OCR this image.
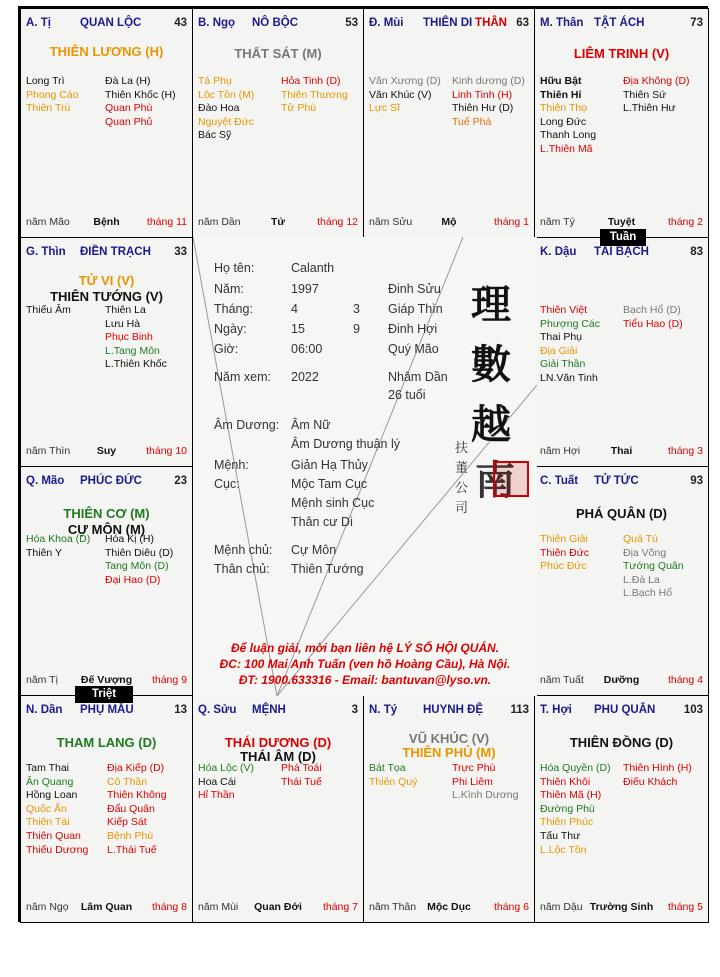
A. Tị	QUAN LỘC	43
THIÊN LƯƠNG (H)
Long Trì
Phong Cáo
Thiên Trù
Đà La (H)
Thiên Khốc (H)
Quan Phù
Quan Phủ
năm Mão	Bệnh	tháng 11
B. Ngọ NÔ BỘC	53
THẤT SÁT (M)
Tả Phụ
Lộc Tồn (M)
Đào Hoa
Nguyệt Đức
Bác Sỹ
Hỏa Tinh (D)
Thiên Thương
Tử Phù
năm Dần	Tử	tháng 12
Đ. Mùi THIÊN DI THÂN 63
Văn Xương (D)
Văn Khúc (V)
Lực Sĩ
Kinh dương (D)
Linh Tinh (H)
Thiên Hư (D)
Tuế Phá
năm Sửu	Mộ	tháng 1
M. Thân TẬT ÁCH	73
LIÊM TRINH (V)
Hữu Bật
Thiên Hỉ
Thiên Thọ
Long Đức
Thanh Long
L.Thiên Mã
Địa Không (D)
Thiên Sứ
L.Thiên Hư
năm Tý	Tuyệt	tháng 2
G. Thìn ĐIỀN TRẠCH 33
TỬ VI (V)
THIÊN TƯỚNG (V)
Thiếu Âm	Thiên La
Lưu Hà
Phục Binh
L.Tang Môn
L.Thiên Khốc
năm Thìn	Suy	tháng 10
K. Dậu TÀI BẠCH	83
Thiên Việt
Phượng Các
Thai Phụ
Địa Giải
Giải Thần
LN.Văn Tinh
Bạch Hổ (D)
Tiểu Hao (D)
năm Hợi	Thai	tháng 3
Q. Mão PHÚC ĐỨC	23
THIÊN CƠ (M)
CỰ MÔN (M)
Hóa Khoa (D)
Thiên Y
Hóa Kị (H)
Thiên Diêu (D)
Tang Môn (D)
Đại Hao (D)
năm Tị	Đế Vượng	tháng 9
C. Tuất TỬ TỨC	93
PHÁ QUÂN (D)
Thiên Giải
Thiên Đức
Phúc Đức
Quả Tú
Địa Võng
Tướng Quân
L.Đà La
L.Bạch Hổ
năm Tuất	Dưỡng	tháng 4
N. Dần PHỤ MẪU	13
THAM LANG (D)
Tam Thai
Ân Quang
Hồng Loan
Quốc Ấn
Thiên Tài
Thiên Quan
Thiếu Dương
Địa Kiếp (D)
Cô Thần
Thiên Không
Đẩu Quân
Kiếp Sát
Bệnh Phù
L.Thái Tuế
năm Ngọ	Lâm Quan	tháng 8
Q. Sửu MỆNH	3
THÁI DƯƠNG (D)
THÁI ÂM (D)
Hóa Lộc (V)
Hoa Cái
Hỉ Thần
Phá Toái
Thái Tuế
năm Mùi	Quan Đới	tháng 7
N. Tý HUYNH ĐỆ 113
VŨ KHÚC (V)
THIÊN PHỦ (M)
Bát Tọa
Thiên Quý
Trực Phù
Phi Liêm
L.Kình Dương
năm Thân	Mộc Dục	tháng 6
T. Hợi PHU QUÂN 103
THIÊN ĐỒNG (D)
Hóa Quyền (D)
Thiên Khôi
Thiên Mã (H)
Đường Phù
Thiên Phúc
Tấu Thư
L.Lộc Tồn
Thiên Hình (H)
Điếu Khách
năm Dậu Trường Sinh	tháng 5
Họ tên:	Calanth
Năm:	1997	Đinh Sửu
Tháng:	4	3 Giáp Thìn
Ngày:	15	9 Đinh Hợi
Giờ:	06:00	Quý Mão
Năm xem: 2022	Nhâm Dần
26 tuổi
Âm Dương: Âm Nữ
Âm Dương thuận lý
Mệnh:	Giản Hạ Thủy
Cục:	Mộc Tam Cục
Mệnh sinh Cục
Thân cư Di
Mệnh chủ: Cự Môn
Thân chủ: Thiên Tướng
理
數
越
南
扶
董
公
司
Để luận giải, mời bạn liên hệ LÝ SỐ HỘI QUÁN.
ĐC: 100 Mai Anh Tuấn (ven hồ Hoàng Cầu), Hà Nội.
ĐT: 1900.633316 - Email: bantuvan@lyso.vn.
Tuần
Triệt
